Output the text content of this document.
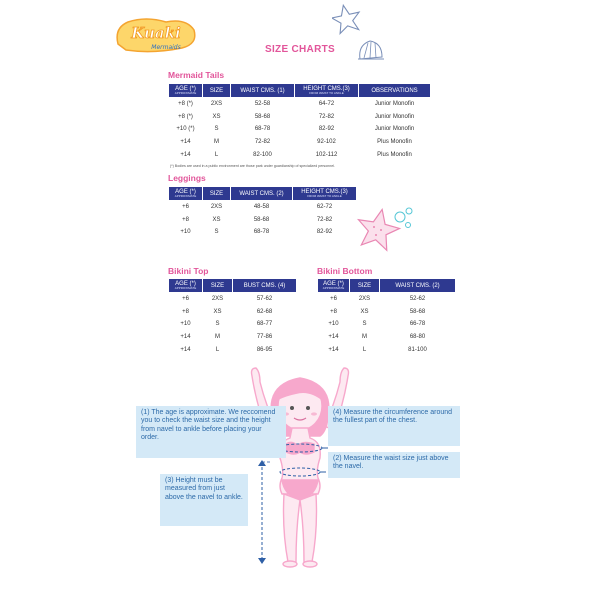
Kuaki
Mermaids	SIZE CHARTS
Mermaid Tails
AGE (*)
APPROXIMATE	SIZE	WAIST CMS. (1)	HEIGHT CMS.(3)
FROM WAIST TO ANKLE	OBSERVATIONS
+8 (*)	2XS	52-58	64-72	Junior Monofin
+8 (*)	XS	58-68	72-82	Junior Monofin
+10 (*)	S	68-78	82-92	Junior Monofin
+14	M	72-82	92-102	Plus Monofin
+14	L	82-100	102-112	Plus Monofin
(*) Bodies are used in a public environment are those park under guardianship of specialized personnel.
Leggings
AGE (*)
APPROXIMATE	SIZE	WAIST CMS. (2)	HEIGHT CMS.(3)
FROM WAIST TO ANKLE

+6	2XS	48-58	62-72
+8	XS	58-68	72-82
+10	S	68-78	82-92
Bikini Top
AGE (*)
APPROXIMATE	SIZE	BUST CMS. (4)
+6	2XS	57-62
+8	XS	62-68
+10	S	68-77
+14	M	77-86
+14	L	86-95
Bikini Bottom
AGE (*)
APPROXIMATE	SIZE	WAIST CMS. (2)
+6	2XS	52-62
+8	XS	58-68
+10	S	66-78
+14	M	68-80
+14	L	81-100
(1) The age is approximate. We reccomend you to check the waist size and the height from navel to ankle before placing your order.
(4) Measure the circumference around the fullest part of the chest.
(2) Measure the waist size just above the navel.
(3) Height must be measured from just above the navel to ankle.
